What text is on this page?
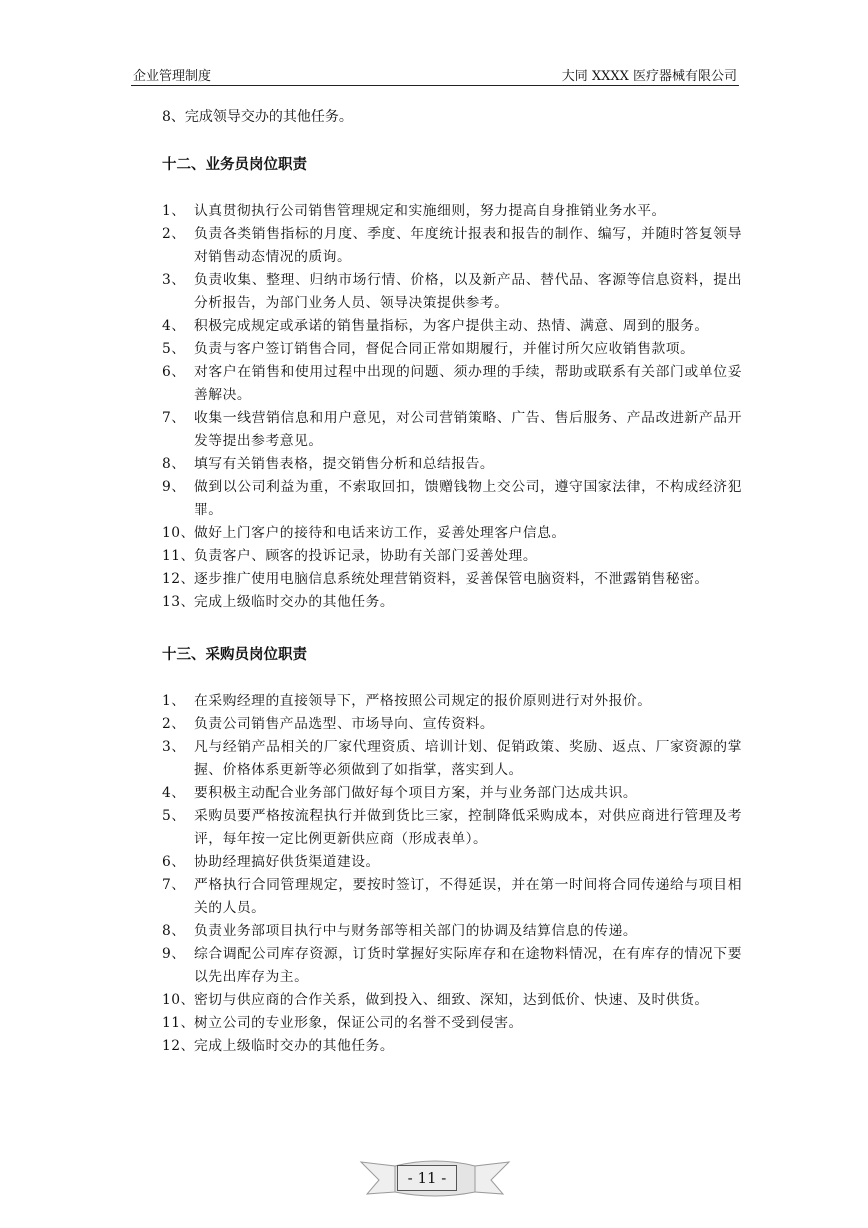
企业管理制度	大同 XXXX 医疗器械有限公司
8、完成领导交办的其他任务。
十二、业务员岗位职责
1、 认真贯彻执行公司销售管理规定和实施细则，努力提高自身推销业务水平。
2、 负责各类销售指标的月度、季度、年度统计报表和报告的制作、编写，并随时答复领导对销售动态情况的质询。
3、 负责收集、整理、归纳市场行情、价格，以及新产品、替代品、客源等信息资料，提出分析报告，为部门业务人员、领导决策提供参考。
4、 积极完成规定或承诺的销售量指标，为客户提供主动、热情、满意、周到的服务。
5、 负责与客户签订销售合同，督促合同正常如期履行，并催讨所欠应收销售款项。
6、 对客户在销售和使用过程中出现的问题、须办理的手续，帮助或联系有关部门或单位妥善解决。
7、 收集一线营销信息和用户意见，对公司营销策略、广告、售后服务、产品改进新产品开发等提出参考意见。
8、 填写有关销售表格，提交销售分析和总结报告。
9、 做到以公司利益为重，不索取回扣，馈赠钱物上交公司，遵守国家法律，不构成经济犯罪。
10、 做好上门客户的接待和电话来访工作，妥善处理客户信息。
11、 负责客户、顾客的投诉记录，协助有关部门妥善处理。
12、 逐步推广使用电脑信息系统处理营销资料，妥善保管电脑资料，不泄露销售秘密。
13、 完成上级临时交办的其他任务。
十三、采购员岗位职责
1、 在采购经理的直接领导下，严格按照公司规定的报价原则进行对外报价。
2、 负责公司销售产品选型、市场导向、宣传资料。
3、 凡与经销产品相关的厂家代理资质、培训计划、促销政策、奖励、返点、厂家资源的掌握、价格体系更新等必须做到了如指掌，落实到人。
4、 要积极主动配合业务部门做好每个项目方案，并与业务部门达成共识。
5、 采购员要严格按流程执行并做到货比三家，控制降低采购成本，对供应商进行管理及考评，每年按一定比例更新供应商（形成表单）。
6、 协助经理搞好供货渠道建设。
7、 严格执行合同管理规定，要按时签订，不得延误，并在第一时间将合同传递给与项目相关的人员。
8、 负责业务部项目执行中与财务部等相关部门的协调及结算信息的传递。
9、 综合调配公司库存资源，订货时掌握好实际库存和在途物料情况，在有库存的情况下要以先出库存为主。
10、 密切与供应商的合作关系，做到投入、细致、深知，达到低价、快速、及时供货。
11、 树立公司的专业形象，保证公司的名誉不受到侵害。
12、 完成上级临时交办的其他任务。
- 11 -
